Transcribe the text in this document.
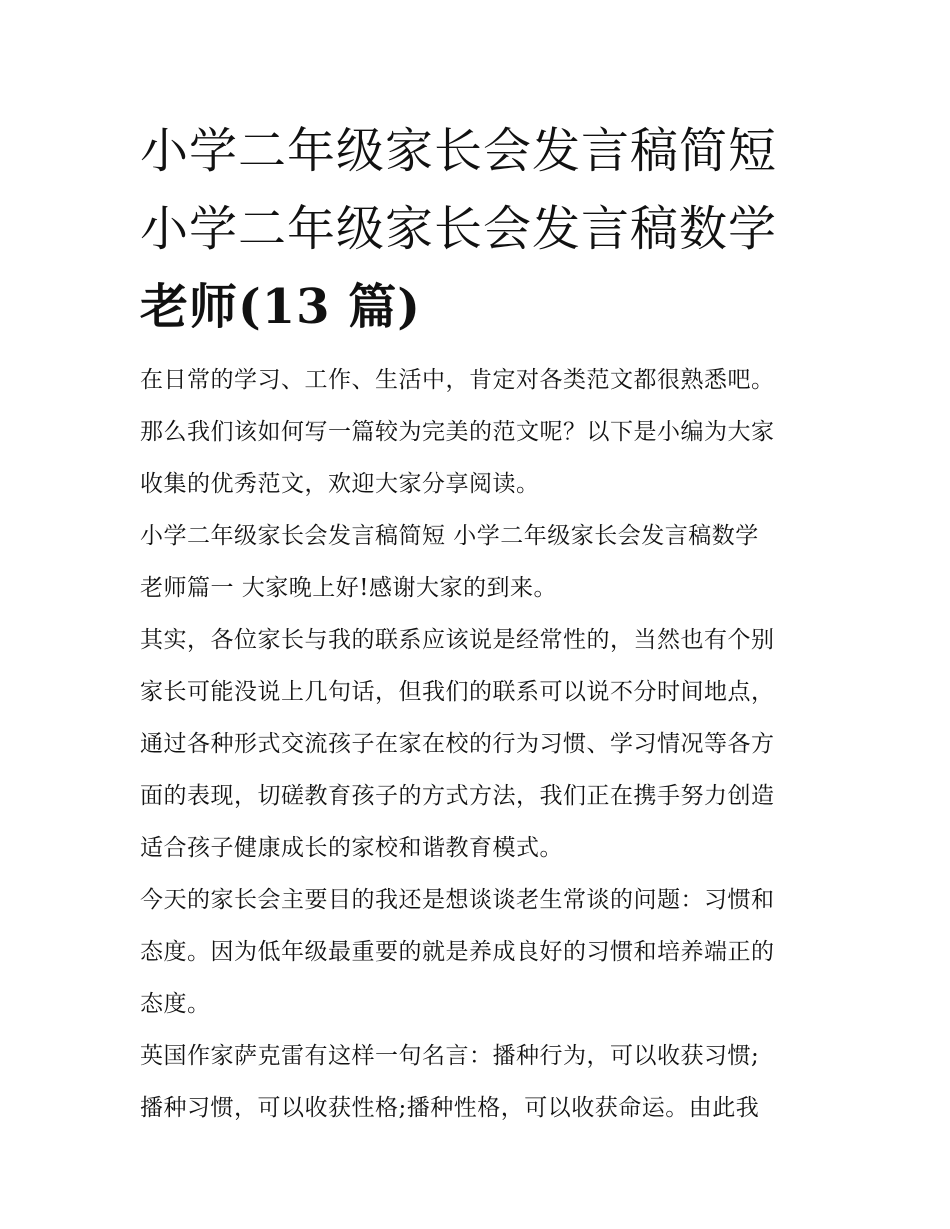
小学二年级家长会发言稿简短
小学二年级家长会发言稿数学
老师(13 篇)
在日常的学习、工作、生活中，肯定对各类范文都很熟悉吧。
那么我们该如何写一篇较为完美的范文呢？以下是小编为大家
收集的优秀范文，欢迎大家分享阅读。
小学二年级家长会发言稿简短 小学二年级家长会发言稿数学
老师篇一 大家晚上好!感谢大家的到来。
其实，各位家长与我的联系应该说是经常性的，当然也有个别
家长可能没说上几句话，但我们的联系可以说不分时间地点，
通过各种形式交流孩子在家在校的行为习惯、学习情况等各方
面的表现，切磋教育孩子的方式方法，我们正在携手努力创造
适合孩子健康成长的家校和谐教育模式。
今天的家长会主要目的我还是想谈谈老生常谈的问题：习惯和
态度。因为低年级最重要的就是养成良好的习惯和培养端正的
态度。
英国作家萨克雷有这样一句名言：播种行为，可以收获习惯;
播种习惯，可以收获性格;播种性格，可以收获命运。由此我
